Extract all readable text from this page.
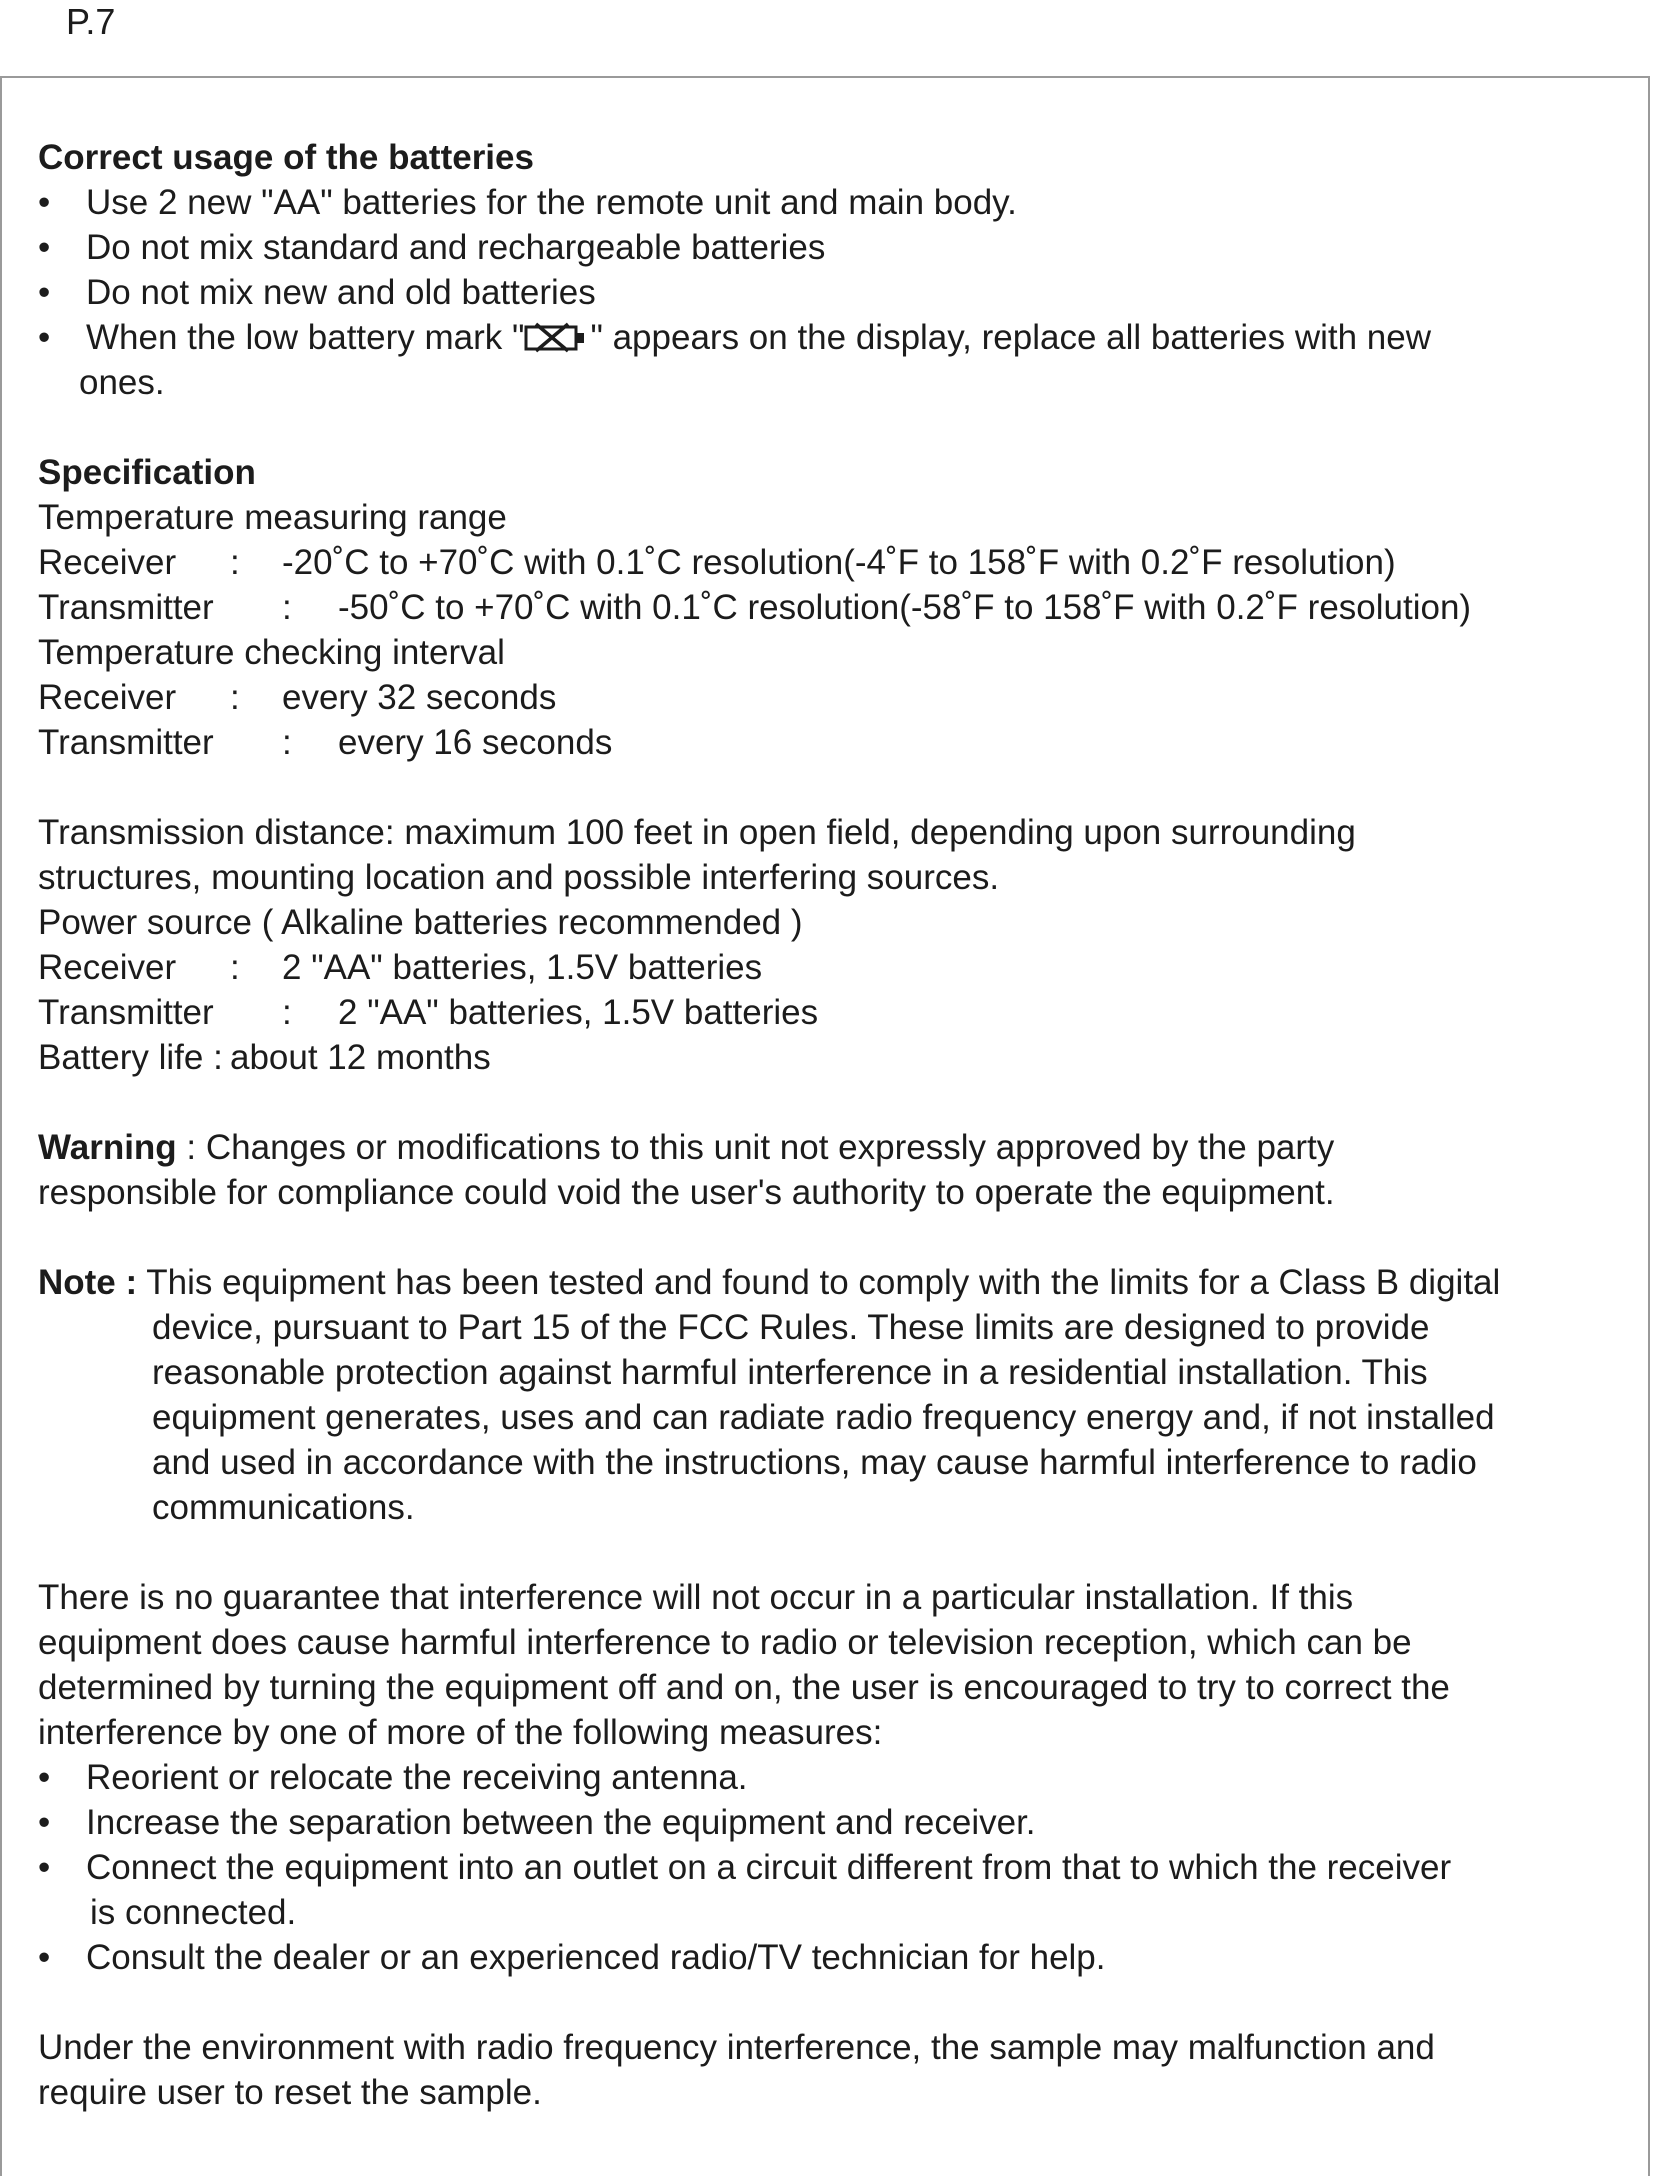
P.7
Correct usage of the batteries
•	Use 2 new "AA" batteries for the remote unit and main body.
•	Do not mix standard and rechargeable batteries
•	Do not mix new and old batteries
•	When the low battery mark " " appears on the display, replace all batteries with new
ones.
Specification
Temperature measuring range
Receiver	:	-20˚C to +70˚C with 0.1˚C resolution(-4˚F to 158˚F with 0.2˚F resolution)
Transmitter	:	-50˚C to +70˚C with 0.1˚C resolution(-58˚F to 158˚F with 0.2˚F resolution)
Temperature checking interval
Receiver	:	every 32 seconds
Transmitter	:	every 16 seconds
Transmission distance: maximum 100 feet in open field, depending upon surrounding
structures, mounting location and possible interfering sources.
Power source ( Alkaline batteries recommended )
Receiver	:	2 "AA" batteries, 1.5V batteries
Transmitter	:	2 "AA" batteries, 1.5V batteries
Battery life : about 12 months
Warning : Changes or modifications to this unit not expressly approved by the party
responsible for compliance could void the user's authority to operate the equipment.
Note : This equipment has been tested and found to comply with the limits for a Class B digital
device, pursuant to Part 15 of the FCC Rules. These limits are designed to provide
reasonable protection against harmful interference in a residential installation. This
equipment generates, uses and can radiate radio frequency energy and, if not installed
and used in accordance with the instructions, may cause harmful interference to radio
communications.
There is no guarantee that interference will not occur in a particular installation. If this
equipment does cause harmful interference to radio or television reception, which can be
determined by turning the equipment off and on, the user is encouraged to try to correct the
interference by one of more of the following measures:
•	Reorient or relocate the receiving antenna.
•	Increase the separation between the equipment and receiver.
•	Connect the equipment into an outlet on a circuit different from that to which the receiver
is connected.
•	Consult the dealer or an experienced radio/TV technician for help.
Under the environment with radio frequency interference, the sample may malfunction and
require user to reset the sample.
